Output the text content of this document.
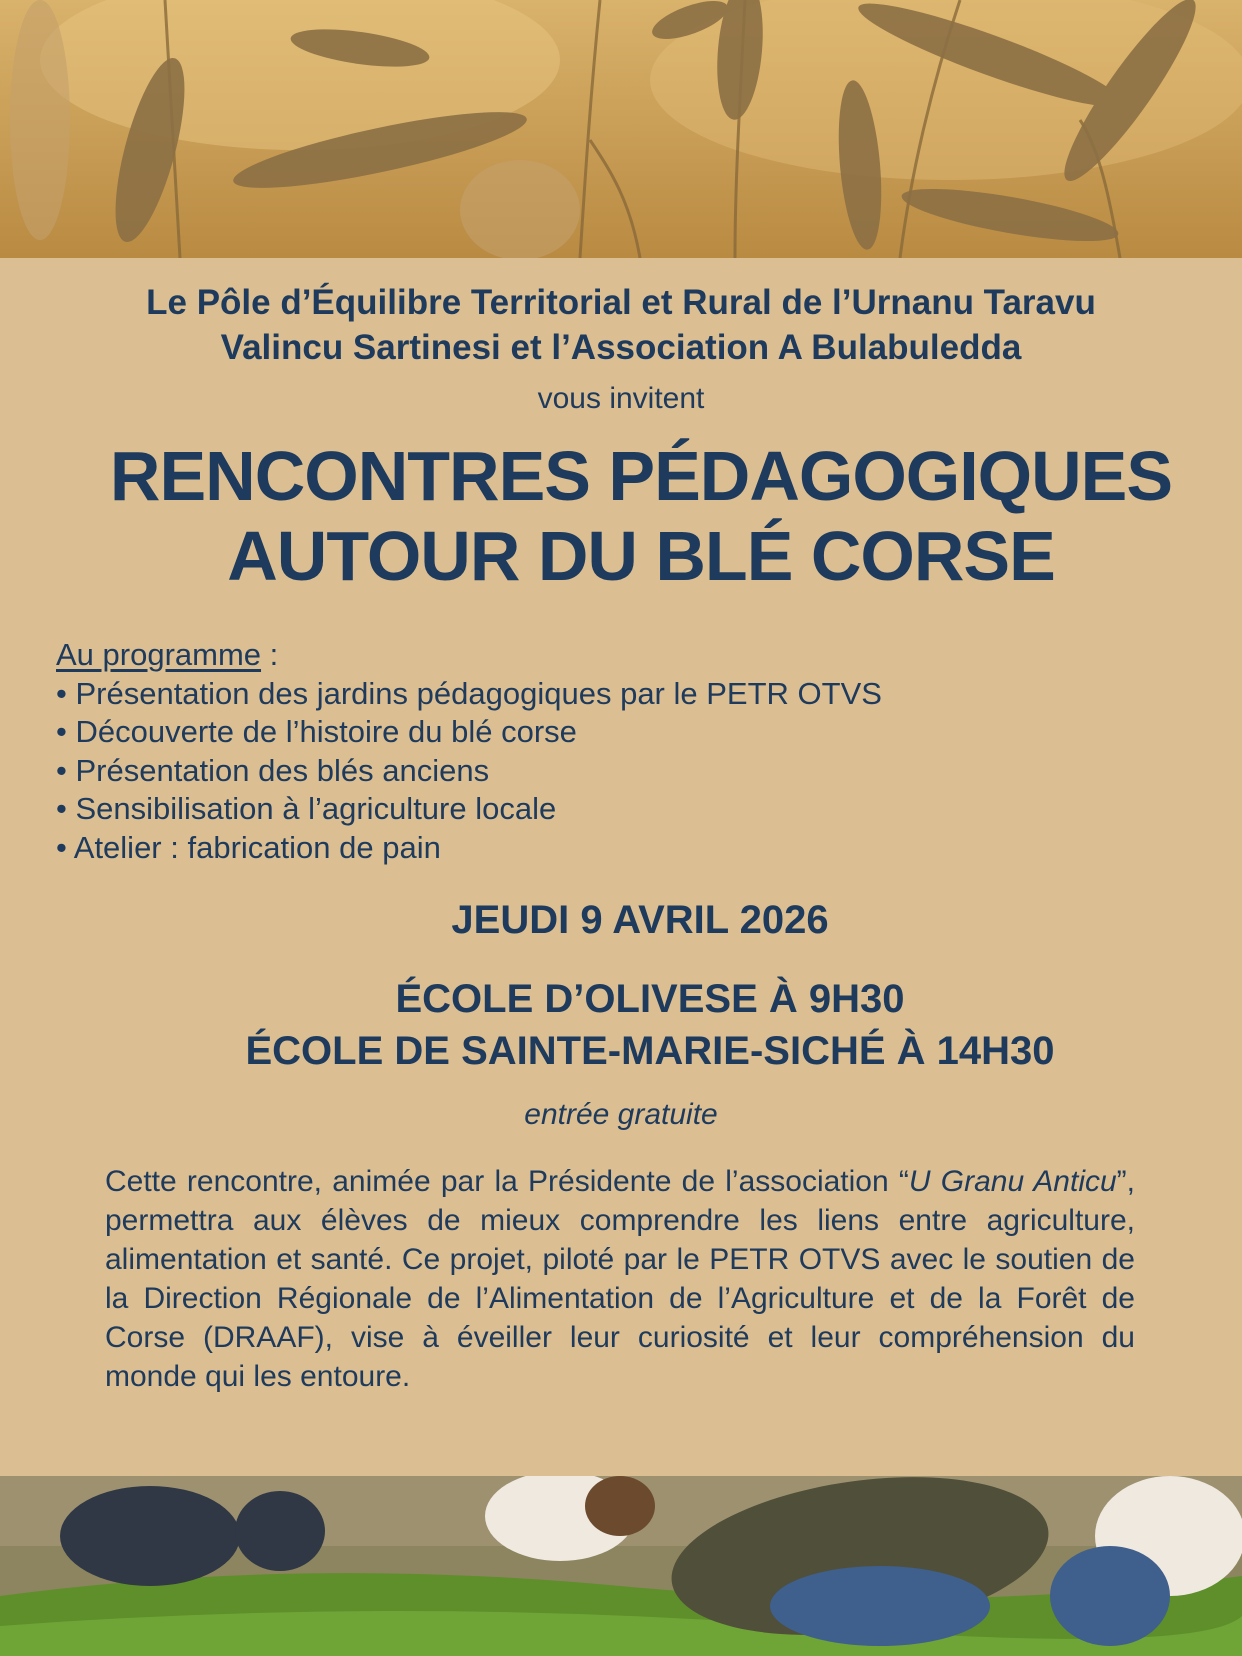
Le Pôle d’Équilibre Territorial et Rural de l’Urnanu Taravu
Valincu Sartinesi et l’Association A Bulabuledda
vous invitent
RENCONTRES PÉDAGOGIQUES
AUTOUR DU BLÉ CORSE
Au programme :
• Présentation des jardins pédagogiques par le PETR OTVS
• Découverte de l’histoire du blé corse
• Présentation des blés anciens
• Sensibilisation à l’agriculture locale
• Atelier : fabrication de pain
JEUDI 9 AVRIL 2026
ÉCOLE D’OLIVESE À 9H30
ÉCOLE DE SAINTE-MARIE-SICHÉ À 14H30
entrée gratuite
Cette rencontre, animée par la Présidente de l’association “U Granu Anticu”, permettra aux élèves de mieux comprendre les liens entre agriculture, alimentation et santé. Ce projet, piloté par le PETR OTVS avec le soutien de la Direction Régionale de l’Alimentation de l’Agriculture et de la Forêt de Corse (DRAAF), vise à éveiller leur curiosité et leur compréhension du monde qui les entoure.
